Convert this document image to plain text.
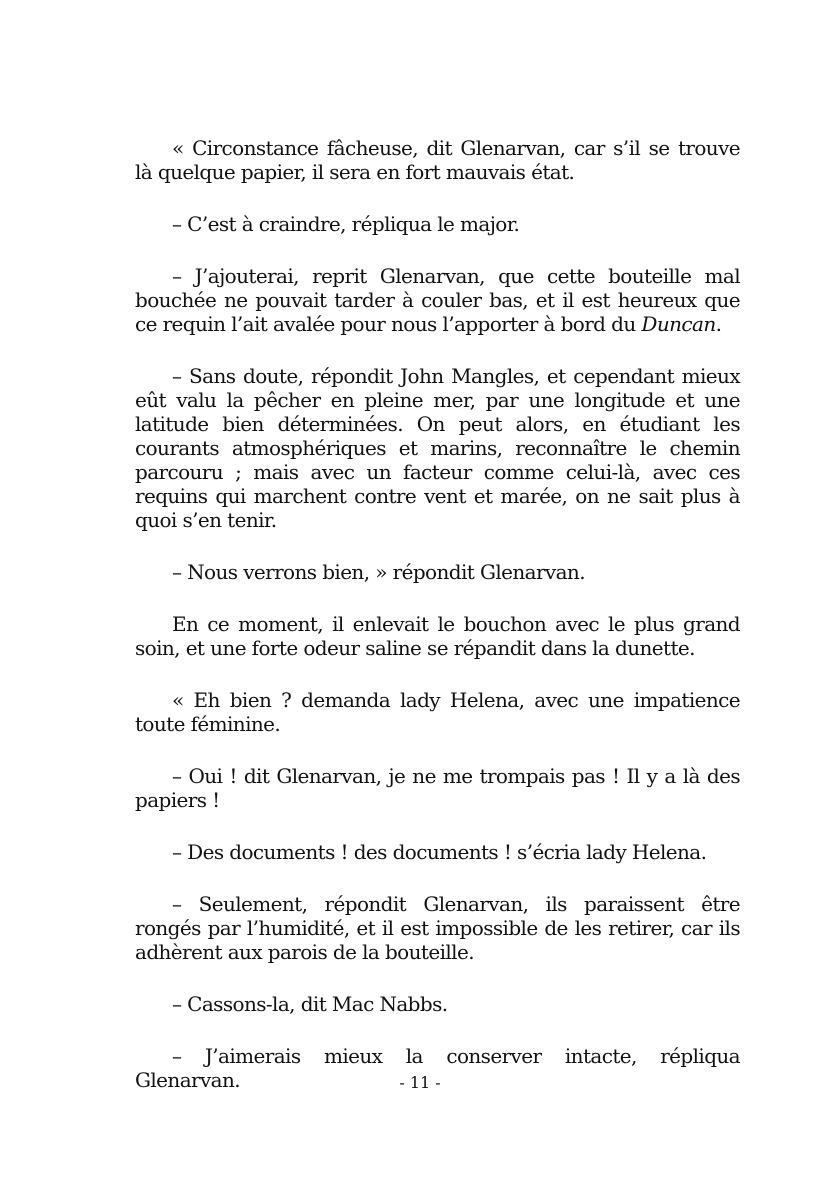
« Circonstance fâcheuse, dit Glenarvan, car s’il se trouve là quelque papier, il sera en fort mauvais état.

– C’est à craindre, répliqua le major.

– J’ajouterai, reprit Glenarvan, que cette bouteille mal bouchée ne pouvait tarder à couler bas, et il est heureux que ce requin l’ait avalée pour nous l’apporter à bord du Duncan.

– Sans doute, répondit John Mangles, et cependant mieux eût valu la pêcher en pleine mer, par une longitude et une latitude bien déterminées. On peut alors, en étudiant les courants atmosphériques et marins, reconnaître le chemin parcouru ; mais avec un facteur comme celui-là, avec ces requins qui marchent contre vent et marée, on ne sait plus à quoi s’en tenir.

– Nous verrons bien, » répondit Glenarvan.

En ce moment, il enlevait le bouchon avec le plus grand soin, et une forte odeur saline se répandit dans la dunette.

« Eh bien ? demanda lady Helena, avec une impatience toute féminine.

– Oui ! dit Glenarvan, je ne me trompais pas ! Il y a là des papiers !

– Des documents ! des documents ! s’écria lady Helena.

– Seulement, répondit Glenarvan, ils paraissent être rongés par l’humidité, et il est impossible de les retirer, car ils adhèrent aux parois de la bouteille.

– Cassons-la, dit Mac Nabbs.

– J’aimerais mieux la conserver intacte, répliqua Glenarvan.	- 11 -
